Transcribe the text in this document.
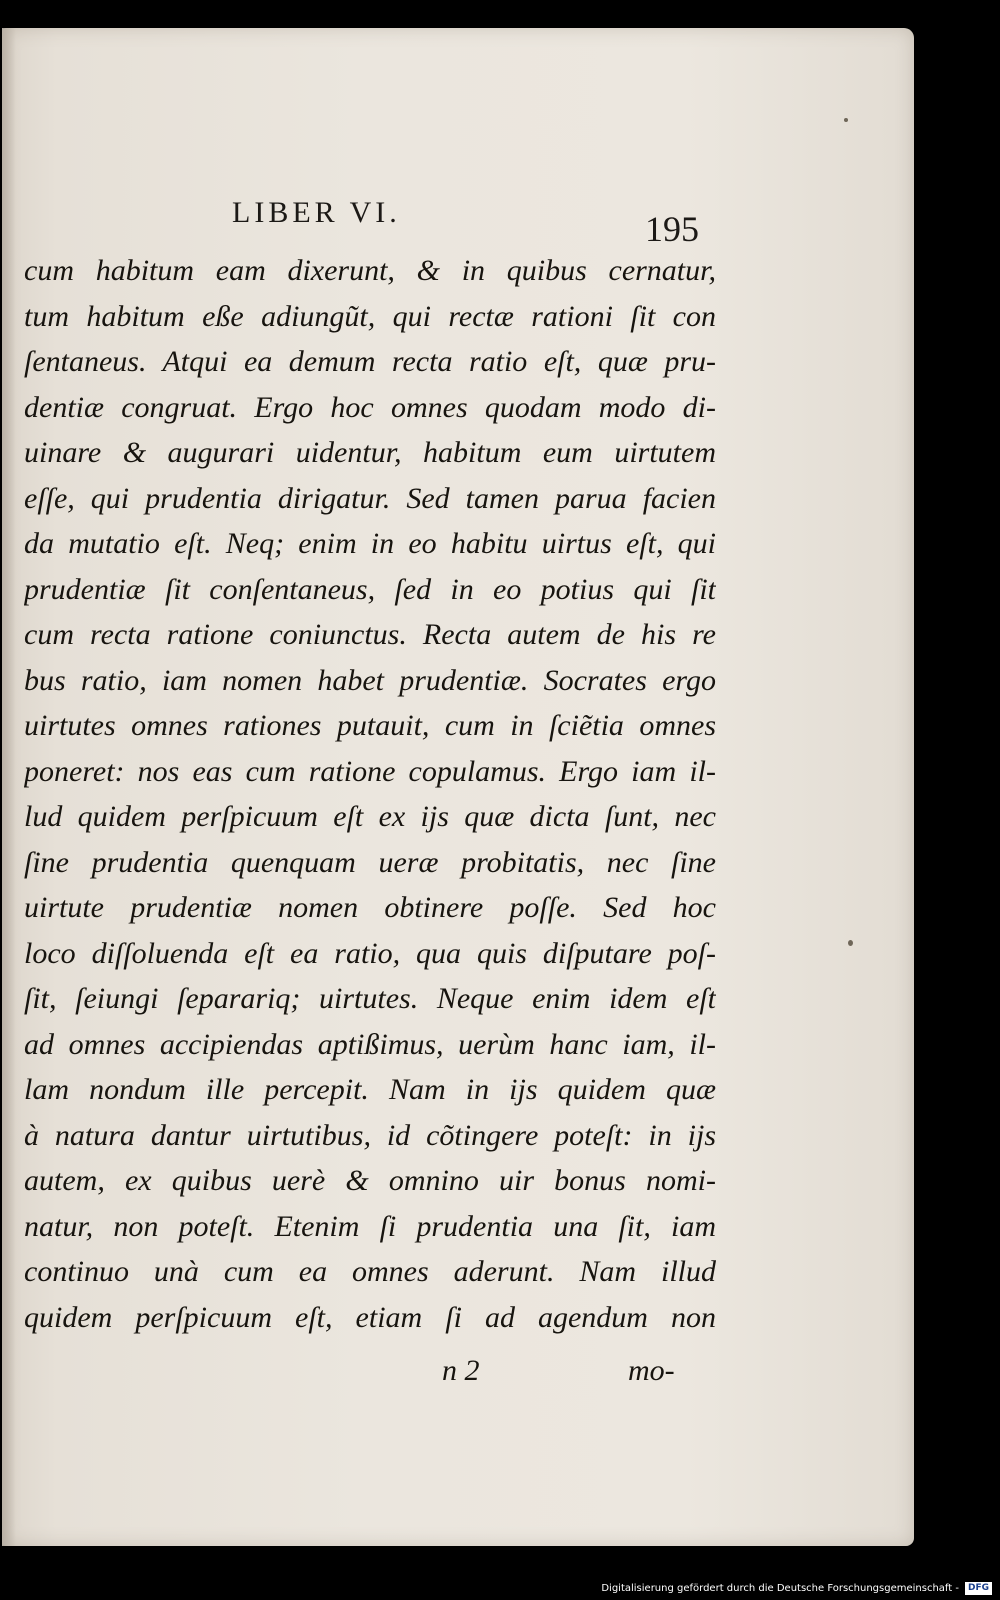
LIBER VI.	195
cum habitum eam dixerunt, & in quibus cernatur,
tum habitum eße adiungũt, qui rectæ rationi ſit con
ſentaneus. Atqui ea demum recta ratio eſt, quæ pru-
dentiæ congruat. Ergo hoc omnes quodam modo di-
uinare & augurari uidentur, habitum eum uirtutem
eſſe, qui prudentia dirigatur. Sed tamen parua facien
da mutatio eſt. Neq; enim in eo habitu uirtus eſt, qui
prudentiæ ſit conſentaneus, ſed in eo potius qui ſit
cum recta ratione coniunctus. Recta autem de his re
bus ratio, iam nomen habet prudentiæ. Socrates ergo
uirtutes omnes rationes putauit, cum in ſciẽtia omnes
poneret: nos eas cum ratione copulamus. Ergo iam il-
lud quidem perſpicuum eſt ex ijs quæ dicta ſunt, nec
ſine prudentia quenquam ueræ probitatis, nec ſine
uirtute prudentiæ nomen obtinere poſſe. Sed hoc
loco diſſoluenda eſt ea ratio, qua quis diſputare poſ-
ſit, ſeiungi ſeparariq; uirtutes. Neque enim idem eſt
ad omnes accipiendas aptißimus, uerùm hanc iam, il-
lam nondum ille percepit. Nam in ijs quidem quæ
à natura dantur uirtutibus, id cõtingere poteſt: in ijs
autem, ex quibus uerè & omnino uir bonus nomi-
natur, non poteſt. Etenim ſi prudentia una ſit, iam
continuo unà cum ea omnes aderunt. Nam illud
quidem perſpicuum eſt, etiam ſi ad agendum non
n 2	mo-
Digitalisierung gefördert durch die Deutsche Forschungsgemeinschaft -	DFG
